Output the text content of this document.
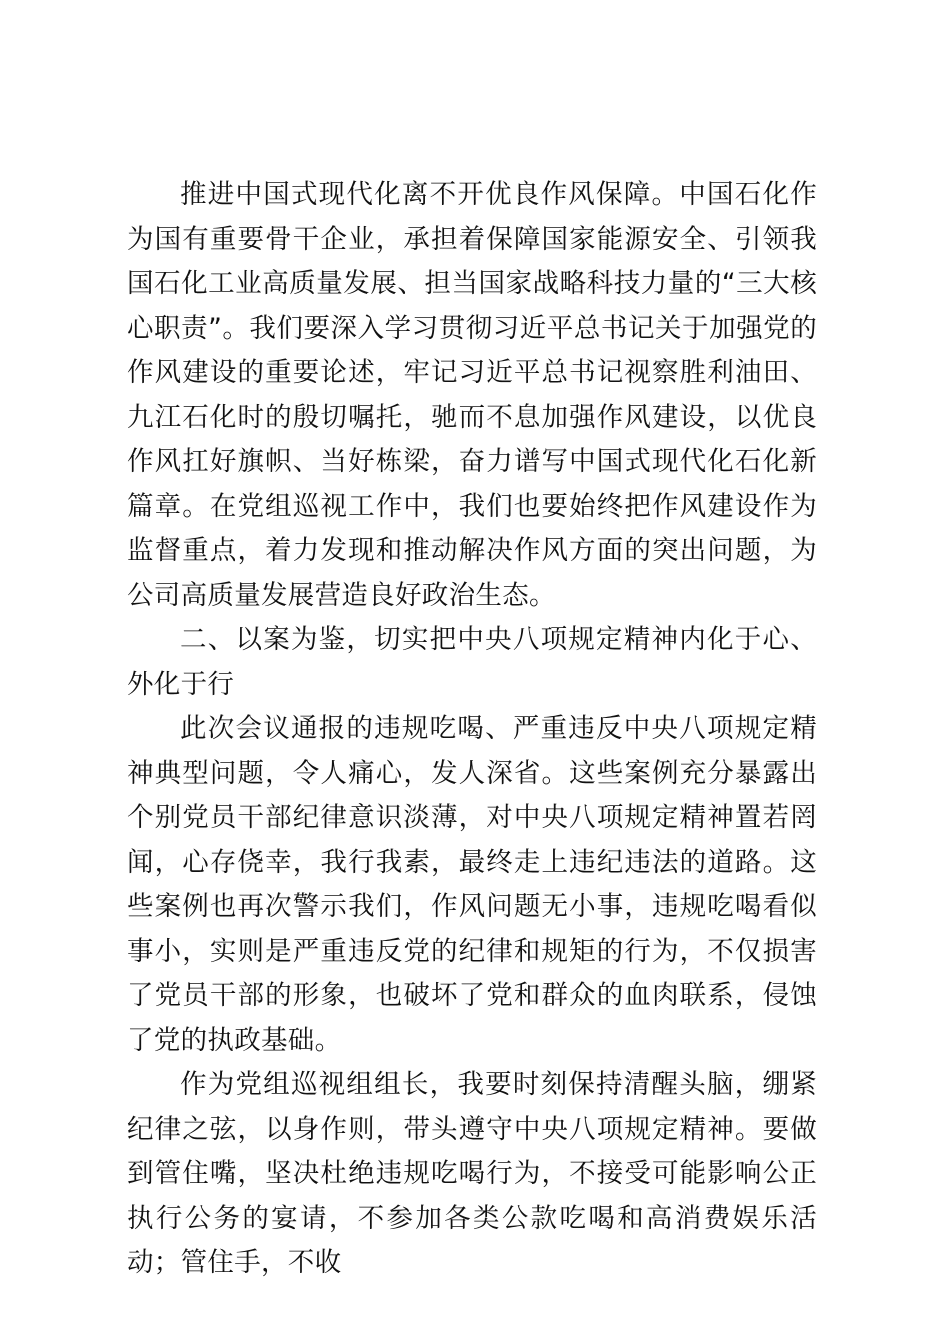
推进中国式现代化离不开优良作风保障。中国石化作为国有重要骨干企业，承担着保障国家能源安全、引领我国石化工业高质量发展、担当国家战略科技力量的“三大核心职责”。我们要深入学习贯彻习近平总书记关于加强党的作风建设的重要论述，牢记习近平总书记视察胜利油田、九江石化时的殷切嘱托，驰而不息加强作风建设，以优良作风扛好旗帜、当好栋梁，奋力谱写中国式现代化石化新篇章。在党组巡视工作中，我们也要始终把作风建设作为监督重点，着力发现和推动解决作风方面的突出问题，为公司高质量发展营造良好政治生态。

二、以案为鉴，切实把中央八项规定精神内化于心、外化于行

此次会议通报的违规吃喝、严重违反中央八项规定精神典型问题，令人痛心，发人深省。这些案例充分暴露出个别党员干部纪律意识淡薄，对中央八项规定精神置若罔闻，心存侥幸，我行我素，最终走上违纪违法的道路。这些案例也再次警示我们，作风问题无小事，违规吃喝看似事小，实则是严重违反党的纪律和规矩的行为，不仅损害了党员干部的形象，也破坏了党和群众的血肉联系，侵蚀了党的执政基础。

作为党组巡视组组长，我要时刻保持清醒头脑，绷紧纪律之弦，以身作则，带头遵守中央八项规定精神。要做到管住嘴，坚决杜绝违规吃喝行为，不接受可能影响公正执行公务的宴请，不参加各类公款吃喝和高消费娱乐活动；管住手，不收
